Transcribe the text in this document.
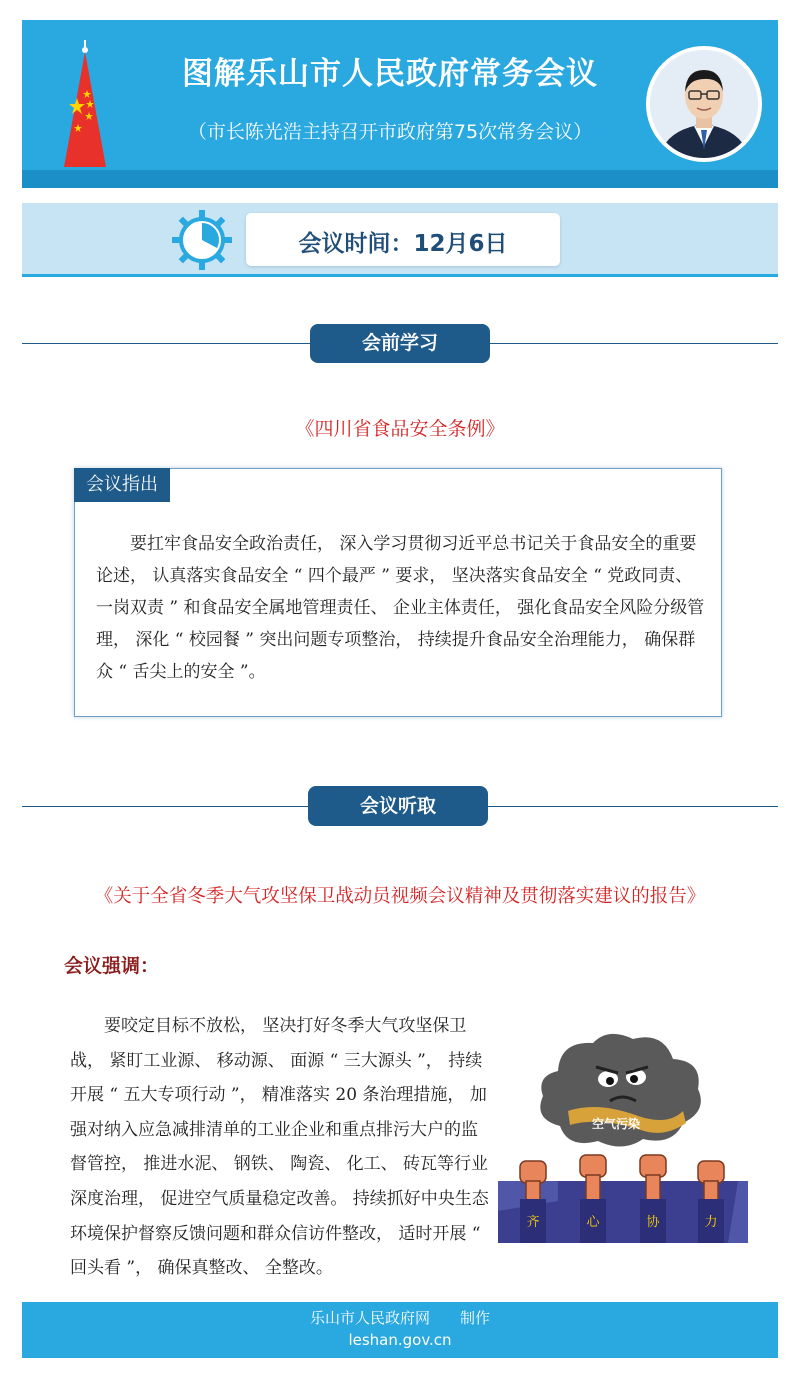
图解乐山市人民政府常务会议
（市长陈光浩主持召开市政府第75次常务会议）
会议时间：12月6日
会前学习
《四川省食品安全条例》
会议指出
要扛牢食品安全政治责任， 深入学习贯彻习近平总书记关于食品安全的重要论述， 认真落实食品安全 “ 四个最严 ” 要求， 坚决落实食品安全 “ 党政同责、 一岗双责 ” 和食品安全属地管理责任、 企业主体责任， 强化食品安全风险分级管理， 深化 “ 校园餐 ” 突出问题专项整治， 持续提升食品安全治理能力， 确保群众 “ 舌尖上的安全 ”。
会议听取
《关于全省冬季大气攻坚保卫战动员视频会议精神及贯彻落实建议的报告》
会议强调：
空气污染
齐	心	协	力
要咬定目标不放松， 坚决打好冬季大气攻坚保卫战， 紧盯工业源、 移动源、 面源 “ 三大源头 ”， 持续开展 “ 五大专项行动 ”， 精准落实 20 条治理措施， 加强对纳入应急减排清单的工业企业和重点排污大户的监督管控， 推进水泥、 钢铁、 陶瓷、 化工、 砖瓦等行业深度治理， 促进空气质量稳定改善。 持续抓好中央生态环境保护督察反馈问题和群众信访件整改， 适时开展 “ 回头看 ”， 确保真整改、 全整改。
乐山市人民政府网　　制作
leshan.gov.cn
